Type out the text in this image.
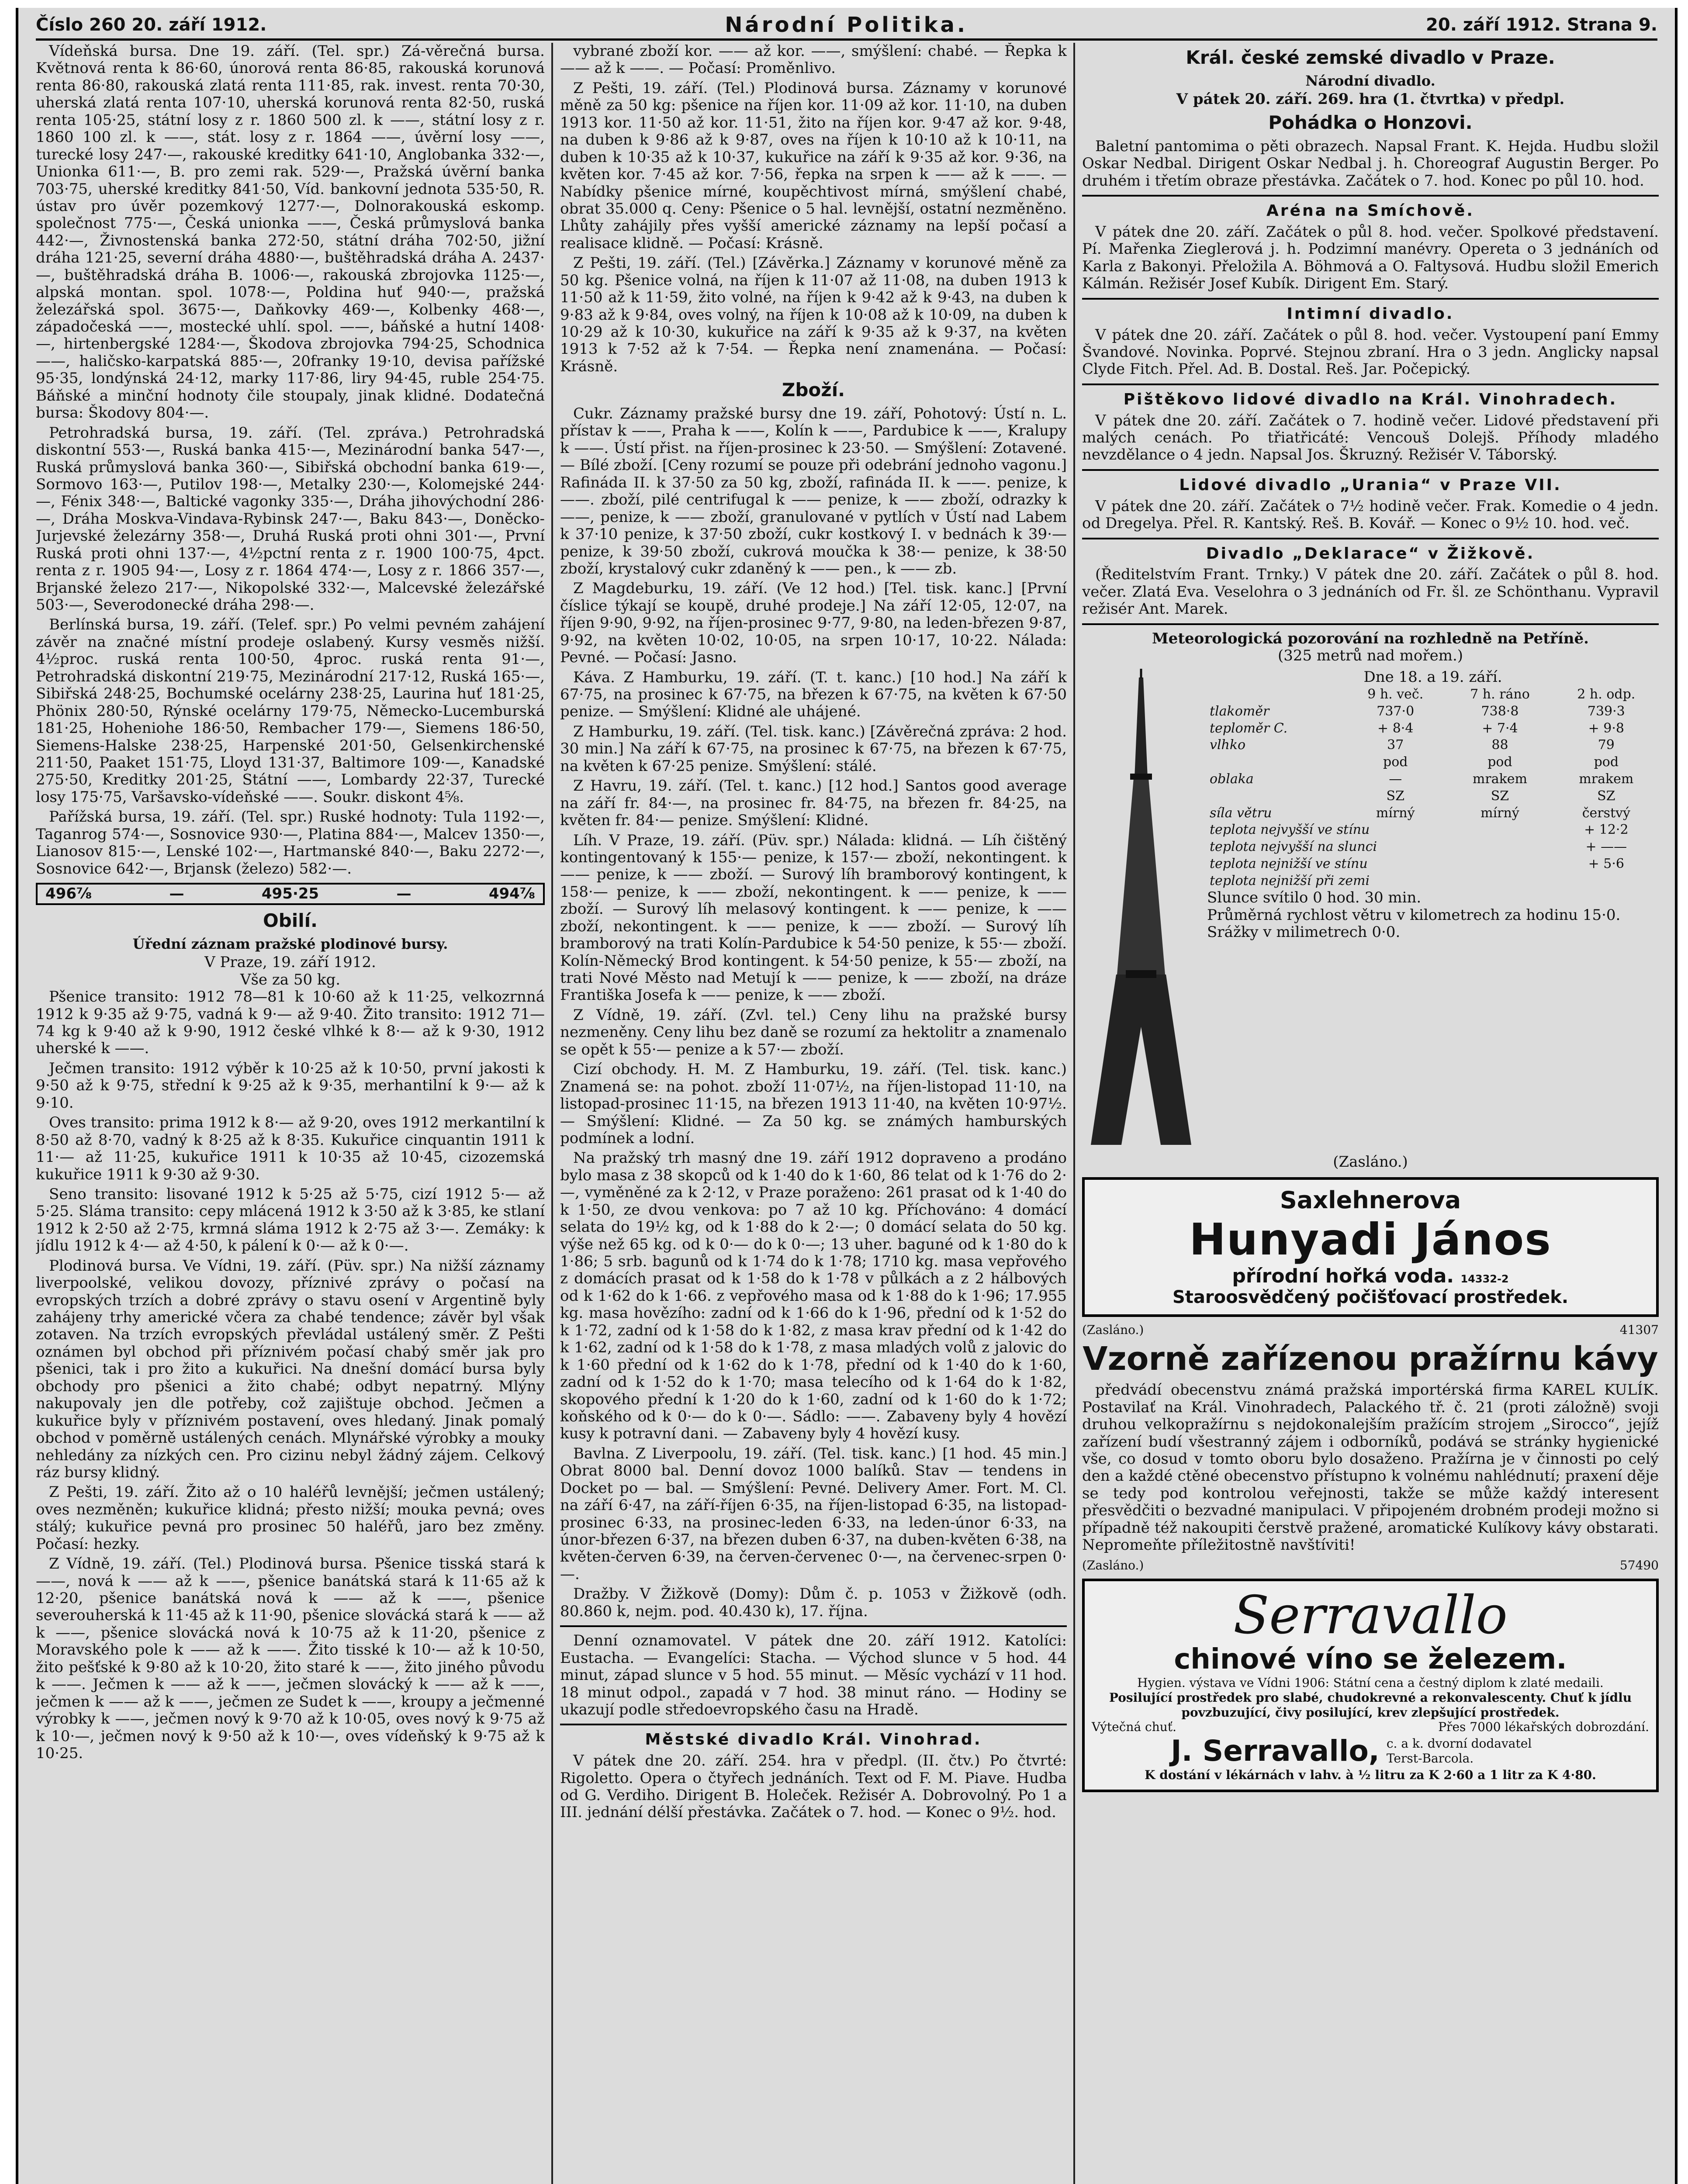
Číslo 260 20. září 1912.	Národní Politika.	20. září 1912. Strana 9.

Vídeňská bursa. Dne 19. září. (Tel. spr.) Zá-věrečná bursa. Květnová renta k 86·60, únorová renta 86·85, rakouská korunová renta 86·80, rakouská zlatá renta 111·85, rak. invest. renta 70·30, uherská zlatá renta 107·10, uherská korunová renta 82·50, ruská renta 105·25, státní losy z r. 1860 500 zl. k ——, státní losy z r. 1860 100 zl. k ——, stát. losy z r. 1864 ——, úvěrní losy ——, turecké losy 247·—, rakouské kreditky 641·10, Anglobanka 332·—, Unionka 611·—, B. pro zemi rak. 529·—, Pražská úvěrní banka 703·75, uherské kreditky 841·50, Víd. bankovní jednota 535·50, R. ústav pro úvěr pozemkový 1277·—, Dolnorakouská eskomp. společnost 775·—, Česká unionka ——, Česká průmyslová banka 442·—, Živnostenská banka 272·50, státní dráha 702·50, jižní dráha 121·25, severní dráha 4880·—, buštěhradská dráha A. 2437·—, buštěhradská dráha B. 1006·—, rakouská zbrojovka 1125·—, alpská montan. spol. 1078·—, Poldina huť 940·—, pražská železářská spol. 3675·—, Daňkovky 469·—, Kolbenky 468·—, západočeská ——, mostecké uhlí. spol. ——, báňské a hutní 1408·—, hirtenbergské 1284·—, Škodova zbrojovka 794·25, Schodnica ——, haličsko-karpatská 885·—, 20franky 19·10, devisa pařížské 95·35, londýnská 24·12, marky 117·86, liry 94·45, ruble 254·75. Báňské a minční hodnoty čile stoupaly, jinak klidné. Dodatečná bursa: Škodovy 804·—.

Petrohradská bursa, 19. září. (Tel. zpráva.) Petrohradská diskontní 553·—, Ruská banka 415·—, Mezinárodní banka 547·—, Ruská průmyslová banka 360·—, Sibiřská obchodní banka 619·—, Sormovo 163·—, Putilov 198·—, Metalky 230·—, Kolomejské 244·—, Fénix 348·—, Baltické vagonky 335·—, Dráha jihovýchodní 286·—, Dráha Moskva-Vindava-Rybinsk 247·—, Baku 843·—, Doněcko-Jurjevské železárny 358·—, Druhá Ruská proti ohni 301·—, První Ruská proti ohni 137·—, 4½pctní renta z r. 1900 100·75, 4pct. renta z r. 1905 94·—, Losy z r. 1864 474·—, Losy z r. 1866 357·—, Brjanské železo 217·—, Nikopolské 332·—, Malcevské železářské 503·—, Severodonecké dráha 298·—.

Berlínská bursa, 19. září. (Telef. spr.) Po velmi pevném zahájení závěr na značné místní prodeje oslabený. Kursy vesměs nižší. 4½proc. ruská renta 100·50, 4proc. ruská renta 91·—, Petrohradská diskontní 219·75, Mezinárodní 217·12, Ruská 165·—, Sibiřská 248·25, Bochumské ocelárny 238·25, Laurina huť 181·25, Phönix 280·50, Rýnské ocelárny 179·75, Německo-Lucemburská 181·25, Hoheniohe 186·50, Rembacher 179·—, Siemens 186·50, Siemens-Halske 238·25, Harpenské 201·50, Gelsenkirchenské 211·50, Paaket 151·75, Lloyd 131·37, Baltimore 109·—, Kanadské 275·50, Kreditky 201·25, Státní ——, Lombardy 22·37, Turecké losy 175·75, Varšavsko-vídeňské ——. Soukr. diskont 4⅝.

Pařížská bursa, 19. září. (Tel. spr.) Ruské hodnoty: Tula 1192·—, Taganrog 574·—, Sosnovice 930·—, Platina 884·—, Malcev 1350·—, Lianosov 815·—, Lenské 102·—, Hartmanské 840·—, Baku 2272·—, Sosnovice 642·—, Brjansk (železo) 582·—.

496⅞	—	495·25	—	494⅞
Obilí.
Úřední záznam pražské plodinové bursy.
V Praze, 19. září 1912.
Vše za 50 kg.

Pšenice transito: 1912 78—81 k 10·60 až k 11·25, velkozrnná 1912 k 9·35 až 9·75, vadná k 9·— až 9·40. Žito transito: 1912 71—74 kg k 9·40 až k 9·90, 1912 české vlhké k 8·— až k 9·30, 1912 uherské k ——.

Ječmen transito: 1912 výběr k 10·25 až k 10·50, první jakosti k 9·50 až k 9·75, střední k 9·25 až k 9·35, merhantilní k 9·— až k 9·10.

Oves transito: prima 1912 k 8·— až 9·20, oves 1912 merkantilní k 8·50 až 8·70, vadný k 8·25 až k 8·35. Kukuřice cinquantin 1911 k 11·— až 11·25, kukuřice 1911 k 10·35 až 10·45, cizozemská kukuřice 1911 k 9·30 až 9·30.

Seno transito: lisované 1912 k 5·25 až 5·75, cizí 1912 5·— až 5·25. Sláma transito: cepy mlácená 1912 k 3·50 až k 3·85, ke stlaní 1912 k 2·50 až 2·75, krmná sláma 1912 k 2·75 až 3·—. Zemáky: k jídlu 1912 k 4·— až 4·50, k pálení k 0·— až k 0·—.

Plodinová bursa. Ve Vídni, 19. září. (Püv. spr.) Na nižší záznamy liverpoolské, velikou dovozy, příznivé zprávy o počasí na evropských trzích a dobré zprávy o stavu osení v Argentině byly zahájeny trhy americké včera za chabé tendence; závěr byl však zotaven. Na trzích evropských převládal ustálený směr. Z Pešti oznámen byl obchod při příznivém počasí chabý směr jak pro pšenici, tak i pro žito a kukuřici. Na dnešní domácí bursa byly obchody pro pšenici a žito chabé; odbyt nepatrný. Mlýny nakupovaly jen dle potřeby, což zajištuje obchod. Ječmen a kukuřice byly v příznivém postavení, oves hledaný. Jinak pomalý obchod v poměrně ustálených cenách. Mlynářské výrobky a mouky nehledány za nízkých cen. Pro cizinu nebyl žádný zájem. Celkový ráz bursy klidný.

Z Pešti, 19. září. Žito až o 10 haléřů levnější; ječmen ustálený; oves nezměněn; kukuřice klidná; přesto nižší; mouka pevná; oves stálý; kukuřice pevná pro prosinec 50 haléřů, jaro bez změny. Počasí: hezky.

Z Vídně, 19. září. (Tel.) Plodinová bursa. Pšenice tisská stará k ——, nová k —— až k ——, pšenice banátská stará k 11·65 až k 12·20, pšenice banátská nová k —— až k ——, pšenice severouherská k 11·45 až k 11·90, pšenice slovácká stará k —— až k ——, pšenice slovácká nová k 10·75 až k 11·20, pšenice z Moravského pole k —— až k ——. Žito tisské k 10·— až k 10·50, žito pešťské k 9·80 až k 10·20, žito staré k ——, žito jiného původu k ——. Ječmen k —— až k ——, ječmen slovácký k —— až k ——, ječmen k —— až k ——, ječmen ze Sudet k ——, kroupy a ječmenné výrobky k ——, ječmen nový k 9·70 až k 10·05, oves nový k 9·75 až k 10·—, ječmen nový k 9·50 až k 10·—, oves vídeňský k 9·75 až k 10·25.

vybrané zboží kor. —— až kor. ——, smýšlení: chabé. — Řepka k —— až k ——. — Počasí: Proměnlivo.

Z Pešti, 19. září. (Tel.) Plodinová bursa. Záznamy v korunové měně za 50 kg: pšenice na říjen kor. 11·09 až kor. 11·10, na duben 1913 kor. 11·50 až kor. 11·51, žito na říjen kor. 9·47 až kor. 9·48, na duben k 9·86 až k 9·87, oves na říjen k 10·10 až k 10·11, na duben k 10·35 až k 10·37, kukuřice na září k 9·35 až kor. 9·36, na květen kor. 7·45 až kor. 7·56, řepka na srpen k —— až k ——. — Nabídky pšenice mírné, koupěchtivost mírná, smýšlení chabé, obrat 35.000 q. Ceny: Pšenice o 5 hal. levnější, ostatní nezměněno. Lhůty zahájily přes vyšší americké záznamy na lepší počasí a realisace klidně. — Počasí: Krásně.

Z Pešti, 19. září. (Tel.) [Závěrka.] Záznamy v korunové měně za 50 kg. Pšenice volná, na říjen k 11·07 až 11·08, na duben 1913 k 11·50 až k 11·59, žito volné, na říjen k 9·42 až k 9·43, na duben k 9·83 až k 9·84, oves volný, na říjen k 10·08 až k 10·09, na duben k 10·29 až k 10·30, kukuřice na září k 9·35 až k 9·37, na květen 1913 k 7·52 až k 7·54. — Řepka není znamenána. — Počasí: Krásně.

Zboží.

Cukr. Záznamy pražské bursy dne 19. září, Pohotový: Ústí n. L. přístav k ——, Praha k ——, Kolín k ——, Pardubice k ——, Kralupy k ——. Ústí přist. na říjen-prosinec k 23·50. — Smýšlení: Zotavené. — Bílé zboží. [Ceny rozumí se pouze při odebrání jednoho vagonu.] Rafináda II. k 37·50 za 50 kg, zboží, rafináda II. k ——. penize, k ——. zboží, pilé centrifugal k —— penize, k —— zboží, odrazky k ——, penize, k —— zboží, granulované v pytlích v Ústí nad Labem k 37·10 penize, k 37·50 zboží, cukr kostkový I. v bednách k 39·— penize, k 39·50 zboží, cukrová moučka k 38·— penize, k 38·50 zboží, krystalový cukr zdaněný k —— pen., k —— zb.

Z Magdeburku, 19. září. (Ve 12 hod.) [Tel. tisk. kanc.] [První číslice týkají se koupě, druhé prodeje.] Na září 12·05, 12·07, na říjen 9·90, 9·92, na říjen-prosinec 9·77, 9·80, na leden-březen 9·87, 9·92, na květen 10·02, 10·05, na srpen 10·17, 10·22. Nálada: Pevné. — Počasí: Jasno.

Káva. Z Hamburku, 19. září. (T. t. kanc.) [10 hod.] Na září k 67·75, na prosinec k 67·75, na březen k 67·75, na květen k 67·50 penize. — Smýšlení: Klidné ale uhájené.

Z Hamburku, 19. září. (Tel. tisk. kanc.) [Závěrečná zpráva: 2 hod. 30 min.] Na září k 67·75, na prosinec k 67·75, na březen k 67·75, na květen k 67·25 penize. Smýšlení: stálé.

Z Havru, 19. září. (Tel. t. kanc.) [12 hod.] Santos good average na září fr. 84·—, na prosinec fr. 84·75, na březen fr. 84·25, na květen fr. 84·— penize. Smýšlení: Klidné.

Líh. V Praze, 19. září. (Püv. spr.) Nálada: klidná. — Líh čištěný kontingentovaný k 155·— penize, k 157·— zboží, nekontingent. k —— penize, k —— zboží. — Surový líh bramborový kontingent, k 158·— penize, k —— zboží, nekontingent. k —— penize, k —— zboží. — Surový líh melasový kontingent. k —— penize, k —— zboží, nekontingent. k —— penize, k —— zboží. — Surový líh bramborový na trati Kolín-Pardubice k 54·50 penize, k 55·— zboží. Kolín-Německý Brod kontingent. k 54·50 penize, k 55·— zboží, na trati Nové Město nad Metují k —— penize, k —— zboží, na dráze Františka Josefa k —— penize, k —— zboží.

Z Vídně, 19. září. (Zvl. tel.) Ceny lihu na pražské bursy nezmeněny. Ceny lihu bez daně se rozumí za hektolitr a znamenalo se opět k 55·— penize a k 57·— zboží.

Cizí obchody. H. M. Z Hamburku, 19. září. (Tel. tisk. kanc.) Znamená se: na pohot. zboží 11·07½, na říjen-listopad 11·10, na listopad-prosinec 11·15, na březen 1913 11·40, na květen 10·97½. — Smýšlení: Klidné. — Za 50 kg. se známých hamburských podmínek a lodní.

Na pražský trh masný dne 19. září 1912 dopraveno a prodáno bylo masa z 38 skopců od k 1·40 do k 1·60, 86 telat od k 1·76 do 2·—, vyměněné za k 2·12, v Praze poraženo: 261 prasat od k 1·40 do k 1·50, ze dvou venkova: po 7 až 10 kg. Příchováno: 4 domácí selata do 19½ kg, od k 1·88 do k 2·—; 0 domácí selata do 50 kg. výše než 65 kg. od k 0·— do k 0·—; 13 uher. baguné od k 1·80 do k 1·86; 5 srb. bagunů od k 1·74 do k 1·78; 1710 kg. masa vepřového z domácích prasat od k 1·58 do k 1·78 v půlkách a z 2 hálbových od k 1·62 do k 1·66. z vepřového masa od k 1·88 do k 1·96; 17.955 kg. masa hovězího: zadní od k 1·66 do k 1·96, přední od k 1·52 do k 1·72, zadní od k 1·58 do k 1·82, z masa krav přední od k 1·42 do k 1·62, zadní od k 1·58 do k 1·78, z masa mladých volů z jalovic do k 1·60 přední od k 1·62 do k 1·78, přední od k 1·40 do k 1·60, zadní od k 1·52 do k 1·70; masa telecího od k 1·64 do k 1·82, skopového přední k 1·20 do k 1·60, zadní od k 1·60 do k 1·72; koňského od k 0·— do k 0·—. Sádlo: ——. Zabaveny byly 4 hovězí kusy k potravní dani. — Zabaveny byly 4 hovězí kusy.

Bavlna. Z Liverpoolu, 19. září. (Tel. tisk. kanc.) [1 hod. 45 min.] Obrat 8000 bal. Denní dovoz 1000 balíků. Stav — tendens in Docket po — bal. — Smýšlení: Pevné. Delivery Amer. Fort. M. Cl. na září 6·47, na září-říjen 6·35, na říjen-listopad 6·35, na listopad-prosinec 6·33, na prosinec-leden 6·33, na leden-únor 6·33, na únor-březen 6·37, na březen duben 6·37, na duben-květen 6·38, na květen-červen 6·39, na červen-červenec 0·—, na červenec-srpen 0·—.

Dražby. V Žižkově (Domy): Dům č. p. 1053 v Žižkově (odh. 80.860 k, nejm. pod. 40.430 k), 17. října.

Denní oznamovatel. V pátek dne 20. září 1912. Katolíci: Eustacha. — Evangelíci: Stacha. — Východ slunce v 5 hod. 44 minut, západ slunce v 5 hod. 55 minut. — Měsíc vychází v 11 hod. 18 minut odpol., zapadá v 7 hod. 38 minut ráno. — Hodiny se ukazují podle středoevropského času na Hradě.

Městské divadlo Král. Vinohrad.

V pátek dne 20. září. 254. hra v předpl. (II. čtv.) Po čtvrté: Rigoletto. Opera o čtyřech jednáních. Text od F. M. Piave. Hudba od G. Verdiho. Dirigent B. Holeček. Režisér A. Dobrovolný. Po 1 a III. jednání délší přestávka. Začátek o 7. hod. — Konec o 9½. hod.

Král. české zemské divadlo v Praze.
Národní divadlo.
V pátek 20. září. 269. hra (1. čtvrtka) v předpl.
Pohádka o Honzovi.

Baletní pantomima o pěti obrazech. Napsal Frant. K. Hejda. Hudbu složil Oskar Nedbal. Dirigent Oskar Nedbal j. h. Choreograf Augustin Berger. Po druhém i třetím obraze přestávka. Začátek o 7. hod. Konec po půl 10. hod.

Aréna na Smíchově.

V pátek dne 20. září. Začátek o půl 8. hod. večer. Spolkové představení. Pí. Mařenka Zieglerová j. h. Podzimní manévry. Opereta o 3 jednáních od Karla z Bakonyi. Přeložila A. Böhmová a O. Faltysová. Hudbu složil Emerich Kálmán. Režisér Josef Kubík. Dirigent Em. Starý.

Intimní divadlo.

V pátek dne 20. září. Začátek o půl 8. hod. večer. Vystoupení paní Emmy Švandové. Novinka. Poprvé. Stejnou zbraní. Hra o 3 jedn. Anglicky napsal Clyde Fitch. Přel. Ad. B. Dostal. Reš. Jar. Počepický.

Pištěkovo lidové divadlo na Král. Vinohradech.

V pátek dne 20. září. Začátek o 7. hodině večer. Lidové představení při malých cenách. Po třiatřicáté: Vencouš Dolejš. Příhody mladého nevzdělance o 4 jedn. Napsal Jos. Škruzný. Režisér V. Táborský.

Lidové divadlo „Urania“ v Praze VII.

V pátek dne 20. září. Začátek o 7½ hodině večer. Frak. Komedie o 4 jedn. od Dregelya. Přel. R. Kantský. Reš. B. Kovář. — Konec o 9½ 10. hod. več.

Divadlo „Deklarace“ v Žižkově.

(Ředitelstvím Frant. Trnky.) V pátek dne 20. září. Začátek o půl 8. hod. večer. Zlatá Eva. Veselohra o 3 jednáních od Fr. šl. ze Schönthanu. Vypravil režisér Ant. Marek.

Meteorologická pozorování na rozhledně na Petříně.
(325 metrů nad mořem.)
Dne 18. a 19. září.
	9 h. več.	7 h. ráno	2 h. odp.
tlakoměr	737·0	738·8	739·3
teploměr C.	+ 8·4	+ 7·4	+ 9·8
vlhko	37	88	79
	pod	pod	pod
oblaka	—	mrakem	mrakem
	SZ	SZ	SZ
síla větru	mírný	mírný	čerstvý
teplota nejvyšší ve stínu			+ 12·2
teplota nejvyšší na slunci			+ ——
teplota nejnižší ve stínu			+ 5·6
teplota nejnižší při zemi			
Slunce svítilo 0 hod. 30 min.
Průměrná rychlost větru v kilometrech za hodinu 15·0.
Srážky v milimetrech 0·0.
(Zasláno.)
Saxlehnerova
Hunyadi János
přírodní hořká voda. 14332-2
Staroosvědčený počišťovací prostředek.
(Zasláno.)	41307
Vzorně zařízenou pražírnu kávy

předvádí obecenstvu známá pražská importérská firma KAREL KULÍK. Postavilať na Král. Vinohradech, Palackého tř. č. 21 (proti záložně) svoji druhou velkopražírnu s nejdokonalejším pražícím strojem „Sirocco“, jejíž zařízení budí všestranný zájem i odborníků, podává se stránky hygienické vše, co dosud v tomto oboru bylo dosaženo. Pražírna je v činnosti po celý den a každé ctěné obecenstvo přístupno k volnému nahlédnutí; praxení děje se tedy pod kontrolou veřejnosti, takže se může každý interesent přesvědčiti o bezvadné manipulaci. V připojeném drobném prodeji možno si případně též nakoupiti čerstvě pražené, aromatické Kulíkovy kávy obstarati. Nepromeňte příležitostně navštíviti!

(Zasláno.)	57490
Serravallo
chinové víno se železem.
Hygien. výstava ve Vídni 1906: Státní cena a čestný diplom k zlaté medaili.
Posilující prostředek pro slabé, chudokrevné a rekonvalescenty. Chuť k jídlu povzbuzující, čivy posilující, krev zlepšující prostředek.
Výtečná chuť.	Přes 7000 lékařských dobrozdání.
J. Serravallo, c. a k. dvorní dodavatel Terst-Barcola.
K dostání v lékárnách v lahv. à ½ litru za K 2·60 a 1 litr za K 4·80.
